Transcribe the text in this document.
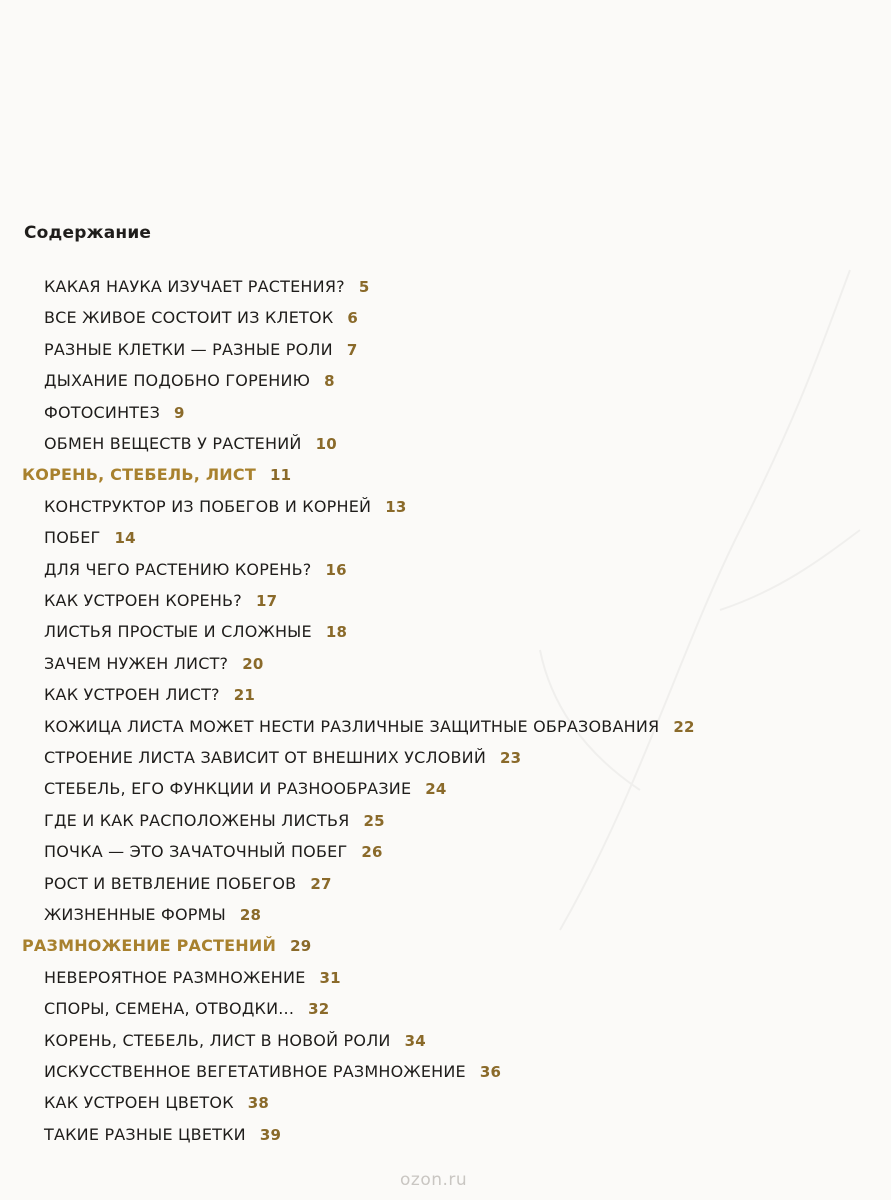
Содержание
КАКАЯ НАУКА ИЗУЧАЕТ РАСТЕНИЯ? 5
ВСЕ ЖИВОЕ СОСТОИТ ИЗ КЛЕТОК 6
РАЗНЫЕ КЛЕТКИ — РАЗНЫЕ РОЛИ 7
ДЫХАНИЕ ПОДОБНО ГОРЕНИЮ 8
ФОТОСИНТЕЗ 9
ОБМЕН ВЕЩЕСТВ У РАСТЕНИЙ 10
КОРЕНЬ, СТЕБЕЛЬ, ЛИСТ 11
КОНСТРУКТОР ИЗ ПОБЕГОВ И КОРНЕЙ 13
ПОБЕГ 14
ДЛЯ ЧЕГО РАСТЕНИЮ КОРЕНЬ? 16
КАК УСТРОЕН КОРЕНЬ? 17
ЛИСТЬЯ ПРОСТЫЕ И СЛОЖНЫЕ 18
ЗАЧЕМ НУЖЕН ЛИСТ? 20
КАК УСТРОЕН ЛИСТ? 21
КОЖИЦА ЛИСТА МОЖЕТ НЕСТИ РАЗЛИЧНЫЕ ЗАЩИТНЫЕ ОБРАЗОВАНИЯ 22
СТРОЕНИЕ ЛИСТА ЗАВИСИТ ОТ ВНЕШНИХ УСЛОВИЙ 23
СТЕБЕЛЬ, ЕГО ФУНКЦИИ И РАЗНООБРАЗИЕ 24
ГДЕ И КАК РАСПОЛОЖЕНЫ ЛИСТЬЯ 25
ПОЧКА — ЭТО ЗАЧАТОЧНЫЙ ПОБЕГ 26
РОСТ И ВЕТВЛЕНИЕ ПОБЕГОВ 27
ЖИЗНЕННЫЕ ФОРМЫ 28
РАЗМНОЖЕНИЕ РАСТЕНИЙ 29
НЕВЕРОЯТНОЕ РАЗМНОЖЕНИЕ 31
СПОРЫ, СЕМЕНА, ОТВОДКИ... 32
КОРЕНЬ, СТЕБЕЛЬ, ЛИСТ В НОВОЙ РОЛИ 34
ИСКУССТВЕННОЕ ВЕГЕТАТИВНОЕ РАЗМНОЖЕНИЕ 36
КАК УСТРОЕН ЦВЕТОК 38
ТАКИЕ РАЗНЫЕ ЦВЕТКИ 39
ozon.ru
